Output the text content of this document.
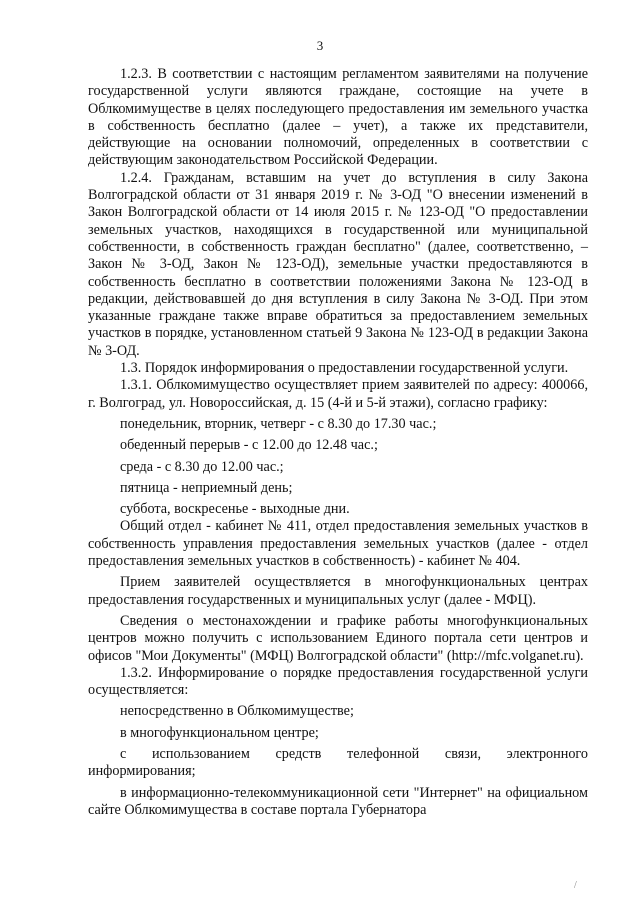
3

1.2.3. В соответствии с настоящим регламентом заявителями на получение государственной услуги являются граждане, состоящие на учете в Облкомимуществе в целях последующего предоставления им земельного участка в собственность бесплатно (далее – учет), а также их представители, действующие на основании полномочий, определенных в соответствии с действующим законодательством Российской Федерации.

1.2.4. Гражданам, вставшим на учет до вступления в силу Закона Волгоградской области от 31 января 2019 г. № 3-ОД "О внесении изменений в Закон Волгоградской области от 14 июля 2015 г. № 123-ОД "О предоставлении земельных участков, находящихся в государственной или муниципальной собственности, в собственность граждан бесплатно" (далее, соответственно, – Закон № 3-ОД, Закон № 123-ОД), земельные участки предоставляются в собственность бесплатно в соответствии положениями Закона № 123-ОД в редакции, действовавшей до дня вступления в силу Закона № 3-ОД. При этом указанные граждане также вправе обратиться за предоставлением земельных участков в порядке, установленном статьей 9 Закона № 123-ОД в редакции Закона № 3-ОД.

1.3. Порядок информирования о предоставлении государственной услуги.

1.3.1. Облкомимущество осуществляет прием заявителей по адресу: 400066, г. Волгоград, ул. Новороссийская, д. 15 (4-й и 5-й этажи), согласно графику:

понедельник, вторник, четверг - с 8.30 до 17.30 час.;

обеденный перерыв - с 12.00 до 12.48 час.;

среда - с 8.30 до 12.00 час.;

пятница - неприемный день;

суббота, воскресенье - выходные дни.

Общий отдел - кабинет № 411, отдел предоставления земельных участков в собственность управления предоставления земельных участков (далее - отдел предоставления земельных участков в собственность) - кабинет № 404.

Прием заявителей осуществляется в многофункциональных центрах предоставления государственных и муниципальных услуг (далее - МФЦ).

Сведения о местонахождении и графике работы многофункциональных центров можно получить с использованием Единого портала сети центров и офисов "Мои Документы" (МФЦ) Волгоградской области" (http://mfc.volganet.ru).

1.3.2. Информирование о порядке предоставления государственной услуги осуществляется:

непосредственно в Облкомимуществе;

в многофункциональном центре;

с использованием средств телефонной связи, электронного информирования;

в информационно-телекоммуникационной сети "Интернет" на официальном сайте Облкомимущества в составе портала Губернатора

/
